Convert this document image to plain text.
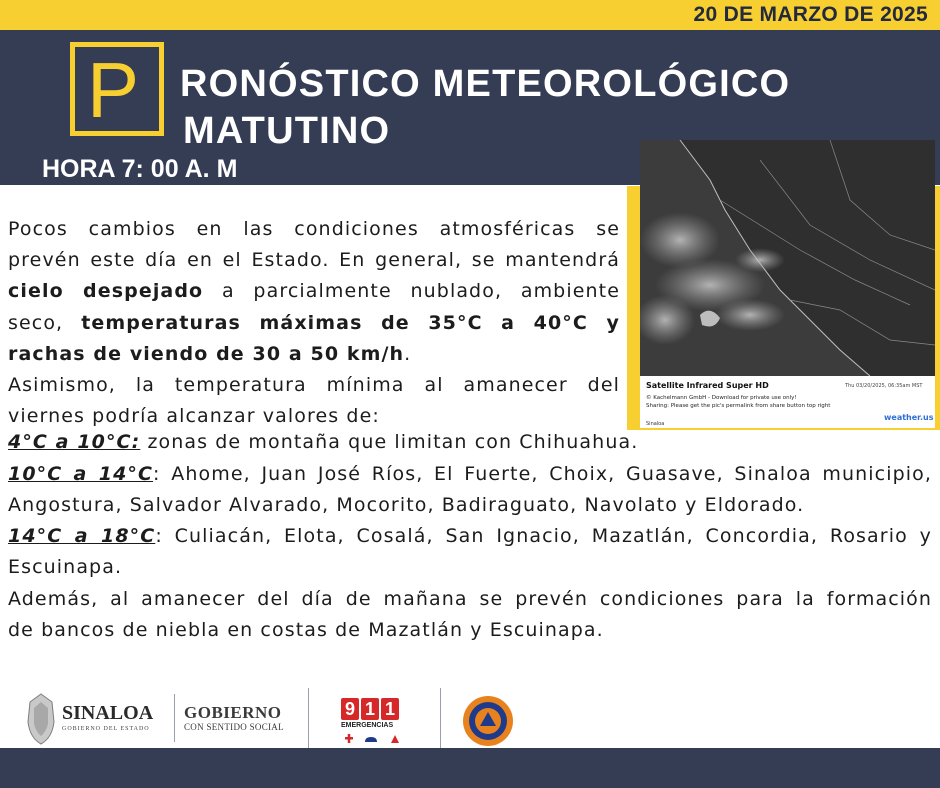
20 DE MARZO DE 2025
P RONÓSTICO METEOROLÓGICO
MATUTINO
HORA 7: 00 A. M
Satellite Infrared Super HD	Thu 03/20/2025, 06:35am MST
© Kachelmann GmbH - Download for private use only!
Sharing: Please get the pic's permalink from share button top right
Sinaloa
weather.us
Pocos cambios en las condiciones atmosféricas se
prevén este día en el Estado. En general, se mantendrá
cielo despejado a parcialmente nublado, ambiente
seco, temperaturas máximas de 35°C a 40°C y
rachas de viendo de 30 a 50 km/h.
Asimismo, la temperatura mínima al amanecer del
viernes podría alcanzar valores de:
4°C a 10°C: zonas de montaña que limitan con Chihuahua.
10°C a 14°C: Ahome, Juan José Ríos, El Fuerte, Choix, Guasave, Sinaloa municipio,
Angostura, Salvador Alvarado, Mocorito, Badiraguato, Navolato y Eldorado.
14°C a 18°C: Culiacán, Elota, Cosalá, San Ignacio, Mazatlán, Concordia, Rosario y
Escuinapa.
Además, al amanecer del día de mañana se prevén condiciones para la formación
de bancos de niebla en costas de Mazatlán y Escuinapa.
SINALOA
GOBIERNO DEL ESTADO
GOBIERNO
CON SENTIDO SOCIAL
9 1 1
EMERGENCIAS
